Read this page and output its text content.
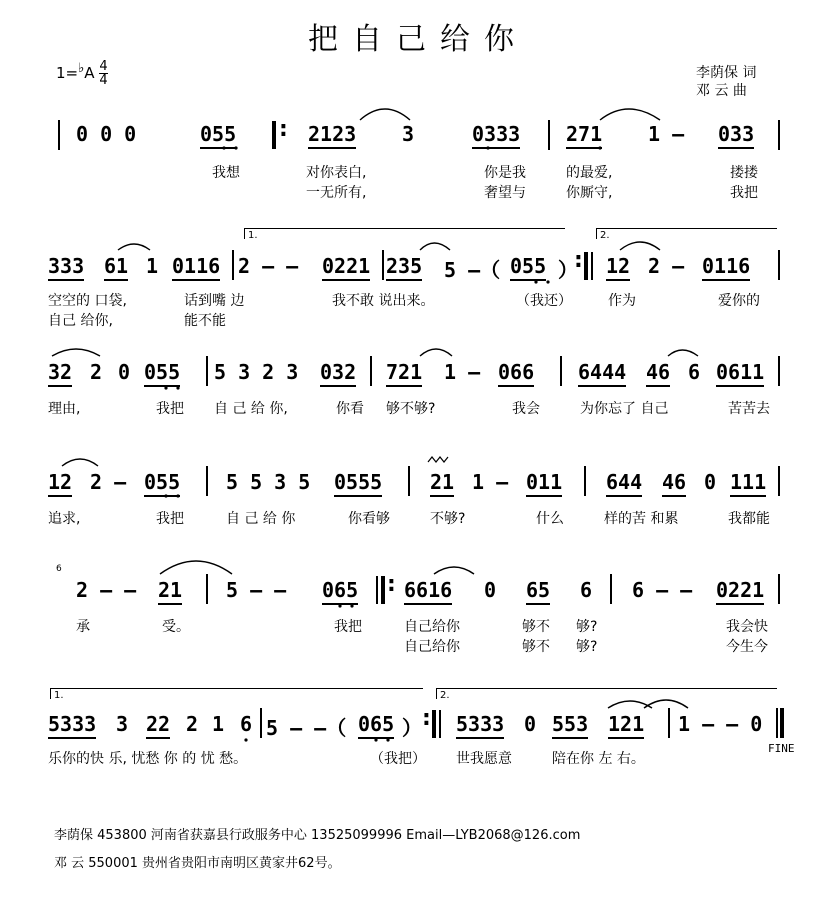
把自己给你
1=♭A $\frac{4}{4}$	李荫保 词
邓 云 曲
0 0 0	055 : 2123 3	0333 271 1 – 033
我想	对你表白,	你是我	的最爱,	搂搂
一无所有,	奢望与	你厮守,	我把
1.	2.
333 61 1 0116 2 – – 0221 235 5 –（ 055 ）
: 12 2 – 0116
空空的 口袋,	话到嘴 边	我不敢 说出来。	（我还）	作为	爱你的
自己 给你,	能不能
32 2 0 055 5 3 2 3 032 721 1 – 066 6444 46 6 0611
理由,	我把 自 己 给 你,	你看 够不够?	我会	为你忘了 自己	苦苦去
12 2 – 055 5 5 3 5 0555 21 1 – 011 644 46 0 111
追求,	我把	自 己 给 你	你看够	不够?	什么	样的苦 和累	我都能
6
2 – – 21 5 – – 065 : 6616 0 65 6 6 – – 0221
承	受。	我把	自己给你	够不 够?	我会快
自己给你	够不 够?	今生今
1.	2.
5333 3 22 2 1 6 5 – –（ 065 ） : 5333 0 553 121 1 – – 0
FINE
乐你的快 乐, 忧愁 你 的 忧 愁。	（我把） 世我愿意	陪在你 左 右。
李荫保 453800 河南省获嘉县行政服务中心 13525099996 Email—LYB2068@126.com
邓 云 550001 贵州省贵阳市南明区黄家井62号。
